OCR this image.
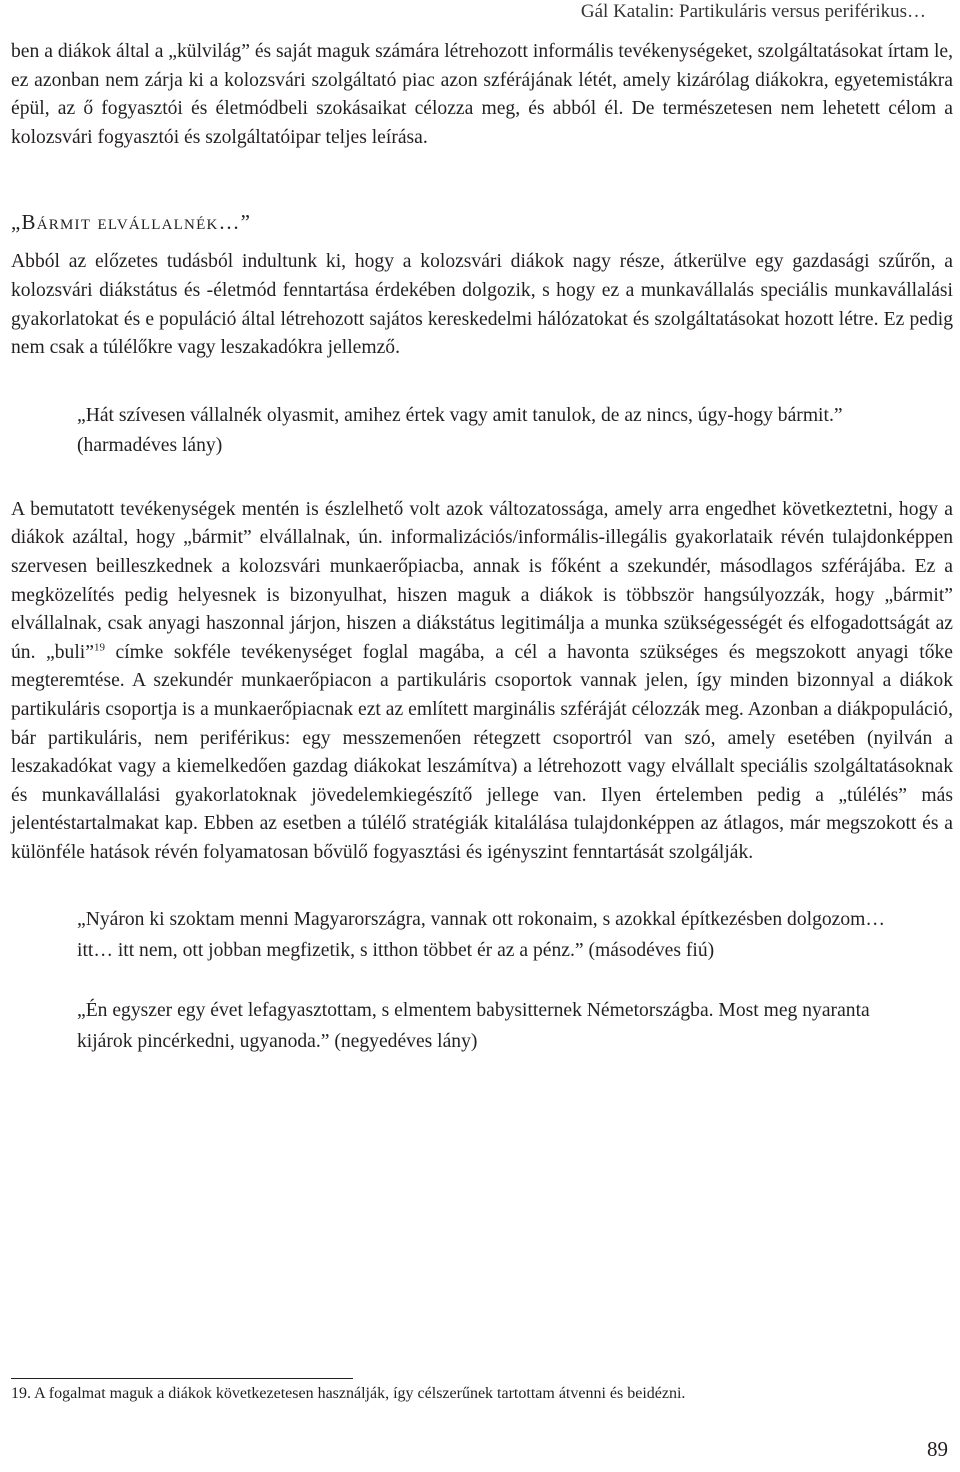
Gál Katalin: Partikuláris versus periférikus…

ben a diákok által a „külvilág” és saját maguk számára létrehozott informális tevékenységeket, szolgáltatásokat írtam le, ez azonban nem zárja ki a kolozsvári szolgáltató piac azon szférájának létét, amely kizárólag diákokra, egyetemistákra épül, az ő fogyasztói és életmódbeli szokásaikat célozza meg, és abból él. De természetesen nem lehetett célom a kolozsvári fogyasztói és szolgáltatóipar teljes leírása.

„Bármit elvállalnék…”

Abból az előzetes tudásból indultunk ki, hogy a kolozsvári diákok nagy része, átkerülve egy gazdasági szűrőn, a kolozsvári diákstátus és -életmód fenntartása érdekében dolgozik, s hogy ez a munkavállalás speciális munkavállalási gyakorlatokat és e populáció által létrehozott sajátos kereskedelmi hálózatokat és szolgáltatásokat hozott létre. Ez pedig nem csak a túlélőkre vagy leszakadókra jellemző.

„Hát szívesen vállalnék olyasmit, amihez értek vagy amit tanulok, de az nincs, úgy-hogy bármit.” (harmadéves lány)

A bemutatott tevékenységek mentén is észlelhető volt azok változatossága, amely arra engedhet következtetni, hogy a diákok azáltal, hogy „bármit” elvállalnak, ún. informalizációs/informális-illegális gyakorlataik révén tulajdonképpen szervesen beilleszkednek a kolozsvári munkaerőpiacba, annak is főként a szekundér, másodlagos szférájába. Ez a megközelítés pedig helyesnek is bizonyulhat, hiszen maguk a diákok is többször hangsúlyozzák, hogy „bármit” elvállalnak, csak anyagi haszonnal járjon, hiszen a diákstátus legitimálja a munka szükségességét és elfogadottságát az ún. „buli”$^{19}$ címke sokféle tevékenységet foglal magába, a cél a havonta szükséges és megszokott anyagi tőke megteremtése. A szekundér munkaerőpiacon a partikuláris csoportok vannak jelen, így minden bizonnyal a diákok partikuláris csoportja is a munkaerőpiacnak ezt az említett marginális szféráját célozzák meg. Azonban a diákpopuláció, bár partikuláris, nem periférikus: egy messzemenően rétegzett csoportról van szó, amely esetében (nyilván a leszakadókat vagy a kiemelkedően gazdag diákokat leszámítva) a létrehozott vagy elvállalt speciális szolgáltatásoknak és munkavállalási gyakorlatoknak jövedelemkiegészítő jellege van. Ilyen értelemben pedig a „túlélés” más jelentéstartalmakat kap. Ebben az esetben a túlélő stratégiák kitalálása tulajdonképpen az átlagos, már megszokott és a különféle hatások révén folyamatosan bővülő fogyasztási és igényszint fenntartását szolgálják.

„Nyáron ki szoktam menni Magyarországra, vannak ott rokonaim, s azokkal építkezésben dolgozom… itt… itt nem, ott jobban megfizetik, s itthon többet ér az a pénz.” (másodéves fiú)
„Én egyszer egy évet lefagyasztottam, s elmentem babysitternek Németországba. Most meg nyaranta kijárok pincérkedni, ugyanoda.” (negyedéves lány)
19. A fogalmat maguk a diákok következetesen használják, így célszerűnek tartottam átvenni és beidézni.
89
